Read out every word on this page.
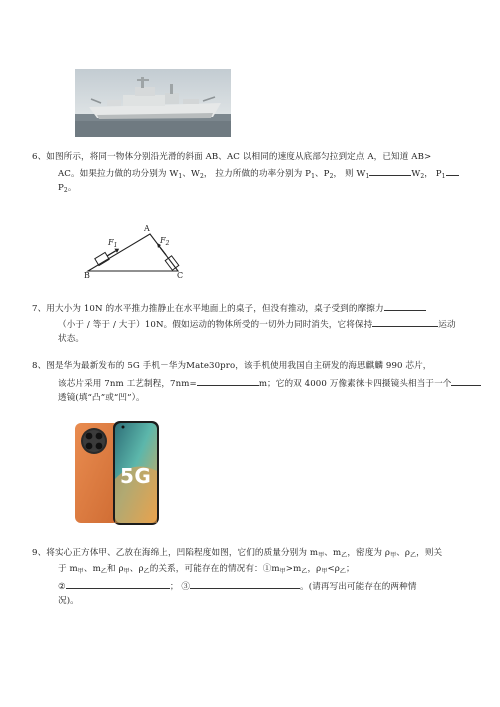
6、如图所示，将同一物体分别沿光滑的斜面 AB、AC 以相同的速度从底部匀拉到定点 A，已知道 AB>
AC。如果拉力做的功分别为 $W_1$、$W_2$， 拉力所做的功率分别为 $P_1$、$P_2$， 则 $W_1$	$W_2$， $P_1$
$P_2$。
A
B	C
$F_1$
$F_2$
7、用大小为 10N 的水平推力推静止在水平地面上的桌子，但没有推动，桌子受到的摩擦力
（小于 / 等于 / 大于）10N。假如运动的物体所受的一切外力同时消失，它将保持	运动
状态。
8、图是华为最新发布的 5G 手机－华为Mate30pro，该手机使用我国自主研发的海思麒麟 990 芯片，
该芯片采用 7nm 工艺制程，7nm=	m；它的双 4000 万像素徕卡四摄镜头相当于一个
透镜(填“凸”或“凹”）。
5G
9、将实心正方体甲、乙放在海绵上，凹陷程度如图，它们的质量分别为 $m_甲$、$m_乙$，密度为 $\rho_甲$、$\rho_乙$，则关
于 $m_甲$、$m_乙$和 $\rho_甲$、$\rho_乙$的关系，可能存在的情况有：$①m_甲>m_乙$，$\rho_甲<\rho_乙$；
②	； ③	。(请再写出可能存在的两种情
况)。
